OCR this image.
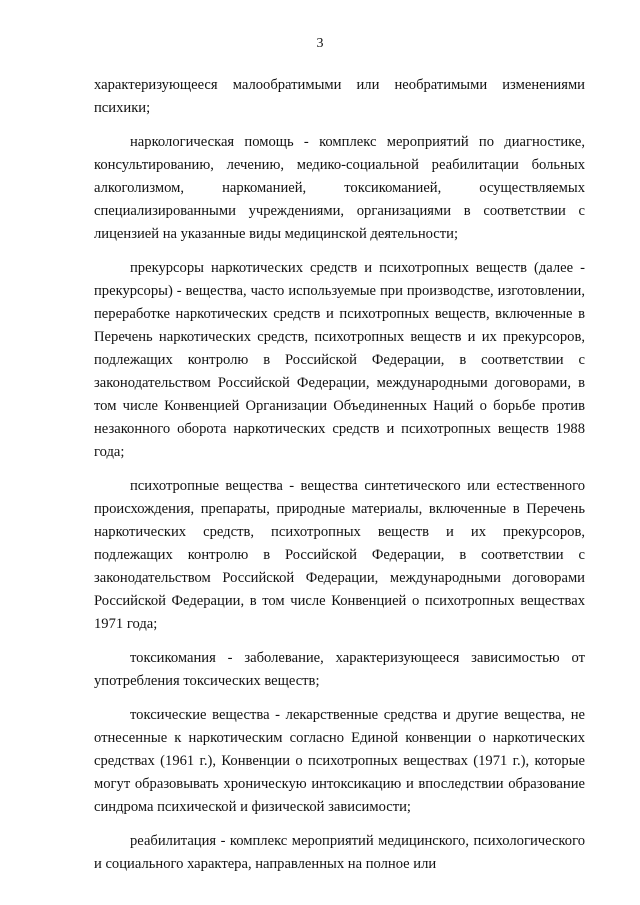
3

характеризующееся малообратимыми или необратимыми изменениями психики;

наркологическая помощь - комплекс мероприятий по диагностике, консультированию, лечению, медико-социальной реабилитации больных алкоголизмом, наркоманией, токсикоманией, осуществляемых специализированными учреждениями, организациями в соответствии с лицензией на указанные виды медицинской деятельности;

прекурсоры наркотических средств и психотропных веществ (далее - прекурсоры) - вещества, часто используемые при производстве, изготовлении, переработке наркотических средств и психотропных веществ, включенные в Перечень наркотических средств, психотропных веществ и их прекурсоров, подлежащих контролю в Российской Федерации, в соответствии с законодательством Российской Федерации, международными договорами, в том числе Конвенцией Организации Объединенных Наций о борьбе против незаконного оборота наркотических средств и психотропных веществ 1988 года;

психотропные вещества - вещества синтетического или естественного происхождения, препараты, природные материалы, включенные в Перечень наркотических средств, психотропных веществ и их прекурсоров, подлежащих контролю в Российской Федерации, в соответствии с законодательством Российской Федерации, международными договорами Российской Федерации, в том числе Конвенцией о психотропных веществах 1971 года;

токсикомания - заболевание, характеризующееся зависимостью от употребления токсических веществ;

токсические вещества - лекарственные средства и другие вещества, не отнесенные к наркотическим согласно Единой конвенции о наркотических средствах (1961 г.), Конвенции о психотропных веществах (1971 г.), которые могут образовывать хроническую интоксикацию и впоследствии образование синдрома психической и физической зависимости;

реабилитация - комплекс мероприятий медицинского, психологического и социального характера, направленных на полное или
